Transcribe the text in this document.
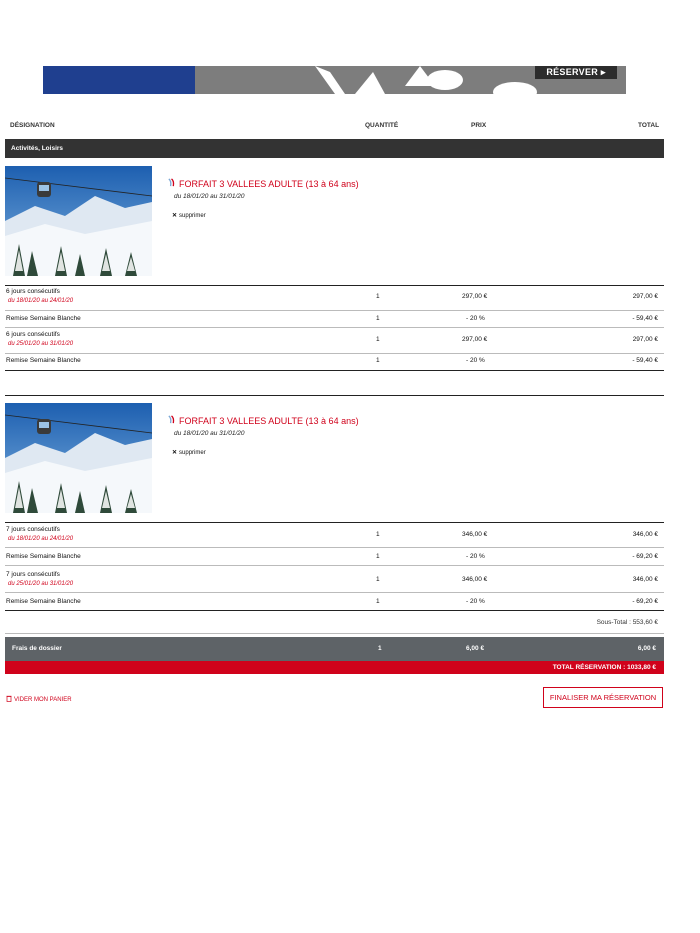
RÉSERVER ▸
DÉSIGNATION	QUANTITÉ	PRIX	TOTAL
Activités, Loisirs
FORFAIT 3 VALLEES ADULTE (13 à 64 ans)
du 18/01/20 au 31/01/20
✕ supprimer
6 jours consécutifs
du 18/01/20 au 24/01/20
1	297,00 €	297,00 €
Remise Semaine Blanche	1	- 20 %	- 59,40 €
6 jours consécutifs
du 25/01/20 au 31/01/20
1	297,00 €	297,00 €
Remise Semaine Blanche	1	- 20 %	- 59,40 €
FORFAIT 3 VALLEES ADULTE (13 à 64 ans)
du 18/01/20 au 31/01/20
✕ supprimer
7 jours consécutifs
du 18/01/20 au 24/01/20
1	346,00 €	346,00 €
Remise Semaine Blanche	1	- 20 %	- 69,20 €
7 jours consécutifs
du 25/01/20 au 31/01/20
1	346,00 €	346,00 €
Remise Semaine Blanche	1	- 20 %	- 69,20 €
Sous-Total : 553,60 €
Frais de dossier	1	6,00 €	6,00 €
TOTAL RÉSERVATION : 1033,80 €
VIDER MON PANIER	FINALISER MA RÉSERVATION
